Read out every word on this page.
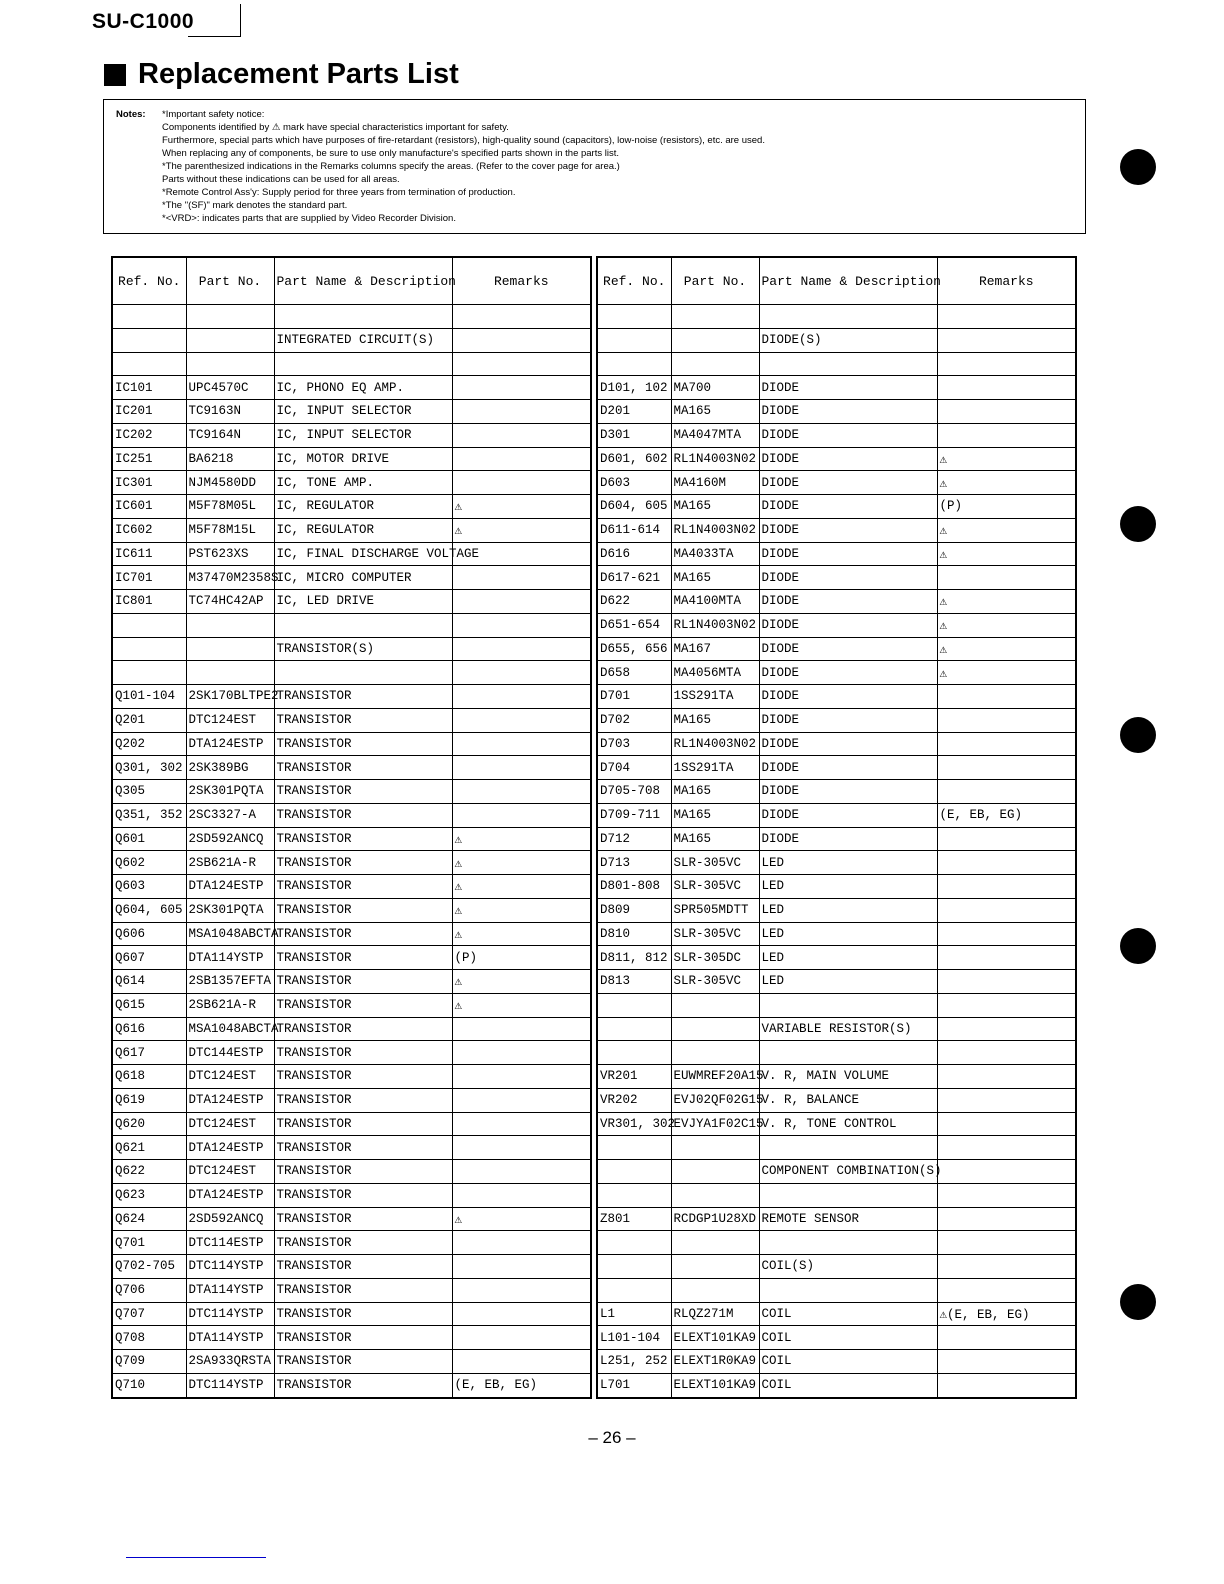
SU-C1000
Replacement Parts List
Notes: *Important safety notice:
Components identified by ⚠ mark have special characteristics important for safety.
Furthermore, special parts which have purposes of fire-retardant (resistors), high-quality sound (capacitors), low-noise (resistors), etc. are used.
When replacing any of components, be sure to use only manufacture's specified parts shown in the parts list.
*The parenthesized indications in the Remarks columns specify the areas. (Refer to the cover page for area.)
Parts without these indications can be used for all areas.
*Remote Control Ass'y: Supply period for three years from termination of production.
*The "(SF)" mark denotes the standard part.
*<VRD>: indicates parts that are supplied by Video Recorder Division.
Ref. No.	Part No.	Part Name & Description	Remarks

		INTEGRATED CIRCUIT(S)	

IC101	UPC4570C	IC, PHONO EQ AMP.	
IC201	TC9163N	IC, INPUT SELECTOR	
IC202	TC9164N	IC, INPUT SELECTOR	
IC251	BA6218	IC, MOTOR DRIVE	
IC301	NJM4580DD	IC, TONE AMP.	
IC601	M5F78M05L	IC, REGULATOR	⚠
IC602	M5F78M15L	IC, REGULATOR	⚠
IC611	PST623XS	IC, FINAL DISCHARGE VOLTAGE	
IC701	M37470M2358S	IC, MICRO COMPUTER	
IC801	TC74HC42AP	IC, LED DRIVE	

		TRANSISTOR(S)	

Q101-104	2SK170BLTPE2	TRANSISTOR	
Q201	DTC124EST	TRANSISTOR	
Q202	DTA124ESTP	TRANSISTOR	
Q301, 302	2SK389BG	TRANSISTOR	
Q305	2SK301PQTA	TRANSISTOR	
Q351, 352	2SC3327-A	TRANSISTOR	
Q601	2SD592ANCQ	TRANSISTOR	⚠
Q602	2SB621A-R	TRANSISTOR	⚠
Q603	DTA124ESTP	TRANSISTOR	⚠
Q604, 605	2SK301PQTA	TRANSISTOR	⚠
Q606	MSA1048ABCTA	TRANSISTOR	⚠
Q607	DTA114YSTP	TRANSISTOR	(P)
Q614	2SB1357EFTA	TRANSISTOR	⚠
Q615	2SB621A-R	TRANSISTOR	⚠
Q616	MSA1048ABCTA	TRANSISTOR	
Q617	DTC144ESTP	TRANSISTOR	
Q618	DTC124EST	TRANSISTOR	
Q619	DTA124ESTP	TRANSISTOR	
Q620	DTC124EST	TRANSISTOR	
Q621	DTA124ESTP	TRANSISTOR	
Q622	DTC124EST	TRANSISTOR	
Q623	DTA124ESTP	TRANSISTOR	
Q624	2SD592ANCQ	TRANSISTOR	⚠
Q701	DTC114ESTP	TRANSISTOR	
Q702-705	DTC114YSTP	TRANSISTOR	
Q706	DTA114YSTP	TRANSISTOR	
Q707	DTC114YSTP	TRANSISTOR	
Q708	DTA114YSTP	TRANSISTOR	
Q709	2SA933QRSTA	TRANSISTOR	
Q710	DTC114YSTP	TRANSISTOR	(E, EB, EG)
Ref. No.	Part No.	Part Name & Description	Remarks

		DIODE(S)	

D101, 102	MA700	DIODE	
D201	MA165	DIODE	
D301	MA4047MTA	DIODE	
D601, 602	RL1N4003N02	DIODE	⚠
D603	MA4160M	DIODE	⚠
D604, 605	MA165	DIODE	(P)
D611-614	RL1N4003N02	DIODE	⚠
D616	MA4033TA	DIODE	⚠
D617-621	MA165	DIODE	
D622	MA4100MTA	DIODE	⚠
D651-654	RL1N4003N02	DIODE	⚠
D655, 656	MA167	DIODE	⚠
D658	MA4056MTA	DIODE	⚠
D701	1SS291TA	DIODE	
D702	MA165	DIODE	
D703	RL1N4003N02	DIODE	
D704	1SS291TA	DIODE	
D705-708	MA165	DIODE	
D709-711	MA165	DIODE	(E, EB, EG)
D712	MA165	DIODE	
D713	SLR-305VC	LED	
D801-808	SLR-305VC	LED	
D809	SPR505MDTT	LED	
D810	SLR-305VC	LED	
D811, 812	SLR-305DC	LED	
D813	SLR-305VC	LED	

		VARIABLE RESISTOR(S)	

VR201	EUWMREF20A15	V. R, MAIN VOLUME	
VR202	EVJ02QF02G15	V. R, BALANCE	
VR301, 302	EVJYA1F02C15	V. R, TONE CONTROL	

		COMPONENT COMBINATION(S)	

Z801	RCDGP1U28XD	REMOTE SENSOR	

		COIL(S)	

L1	RLQZ271M	COIL	⚠(E, EB, EG)
L101-104	ELEXT101KA9	COIL	
L251, 252	ELEXT1R0KA9	COIL	
L701	ELEXT101KA9	COIL	
– 26 –
